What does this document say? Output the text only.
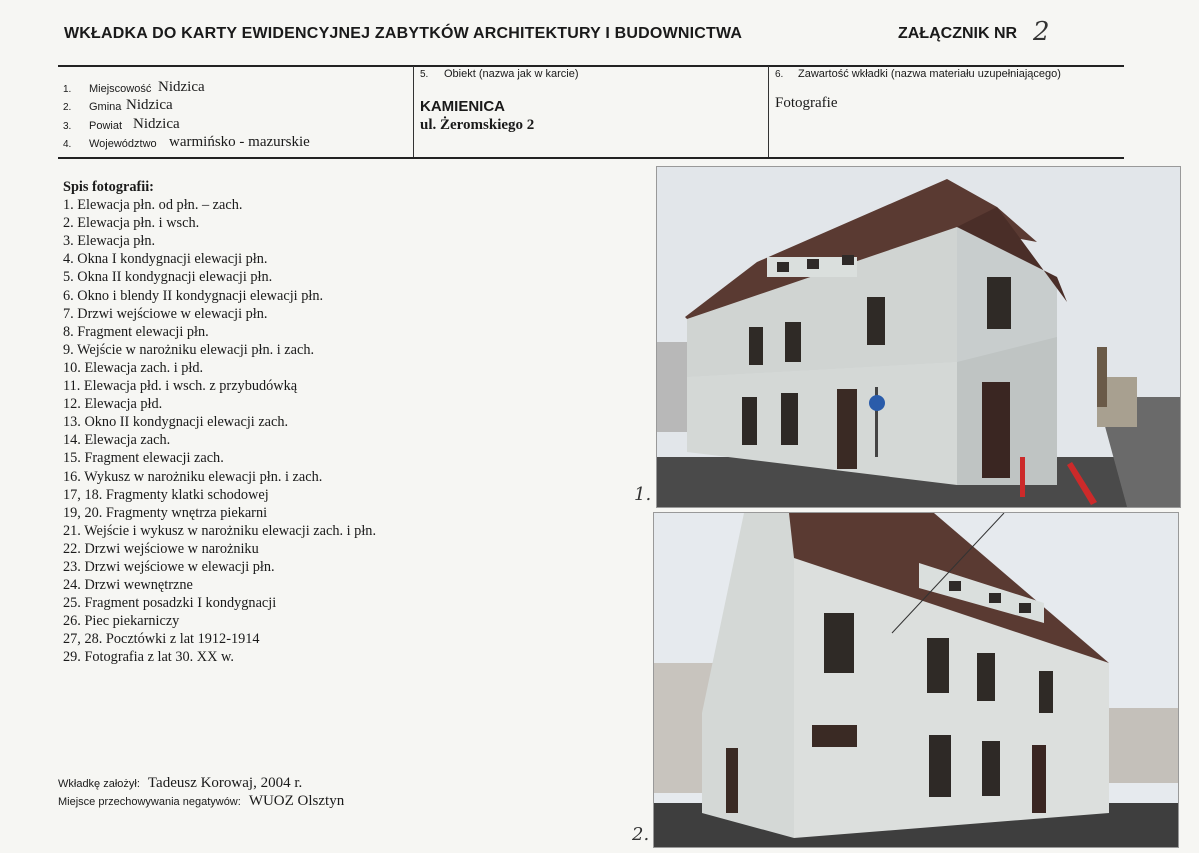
WKŁADKA DO KARTY EWIDENCYJNEJ ZABYTKÓW ARCHITEKTURY I BUDOWNICTWA	ZAŁĄCZNIK NR 2
1. Miejscowość Nidzica
2. Gmina Nidzica
3. Powiat Nidzica
4. Województwo warmińsko - mazurskie
5. Obiekt (nazwa jak w karcie)
KAMIENICA
ul. Żeromskiego 2
6. Zawartość wkładki (nazwa materiału uzupełniającego)
Fotografie
Spis fotografii:
1. Elewacja płn. od płn. – zach.
2. Elewacja płn. i wsch.
3. Elewacja płn.
4. Okna I kondygnacji elewacji płn.
5. Okna II kondygnacji elewacji płn.
6. Okno i blendy II kondygnacji elewacji płn.
7. Drzwi wejściowe w elewacji płn.
8. Fragment elewacji płn.
9. Wejście w narożniku elewacji płn. i zach.
10. Elewacja zach. i płd.
11. Elewacja płd. i wsch. z przybudówką
12. Elewacja płd.
13. Okno II kondygnacji elewacji zach.
14. Elewacja zach.
15. Fragment elewacji zach.
16. Wykusz w narożniku elewacji płn. i zach.
17, 18. Fragmenty klatki schodowej
19, 20. Fragmenty wnętrza piekarni
21. Wejście i wykusz w narożniku elewacji zach. i płn.
22. Drzwi wejściowe w narożniku
23. Drzwi wejściowe w elewacji płn.
24. Drzwi wewnętrzne
25. Fragment posadzki I kondygnacji
26. Piec piekarniczy
27, 28. Pocztówki z lat 1912-1914
29. Fotografia z lat 30. XX w.
Wkładkę założył: Tadeusz Korowaj, 2004 r.
Miejsce przechowywania negatywów: WUOZ Olsztyn
1.
2.
